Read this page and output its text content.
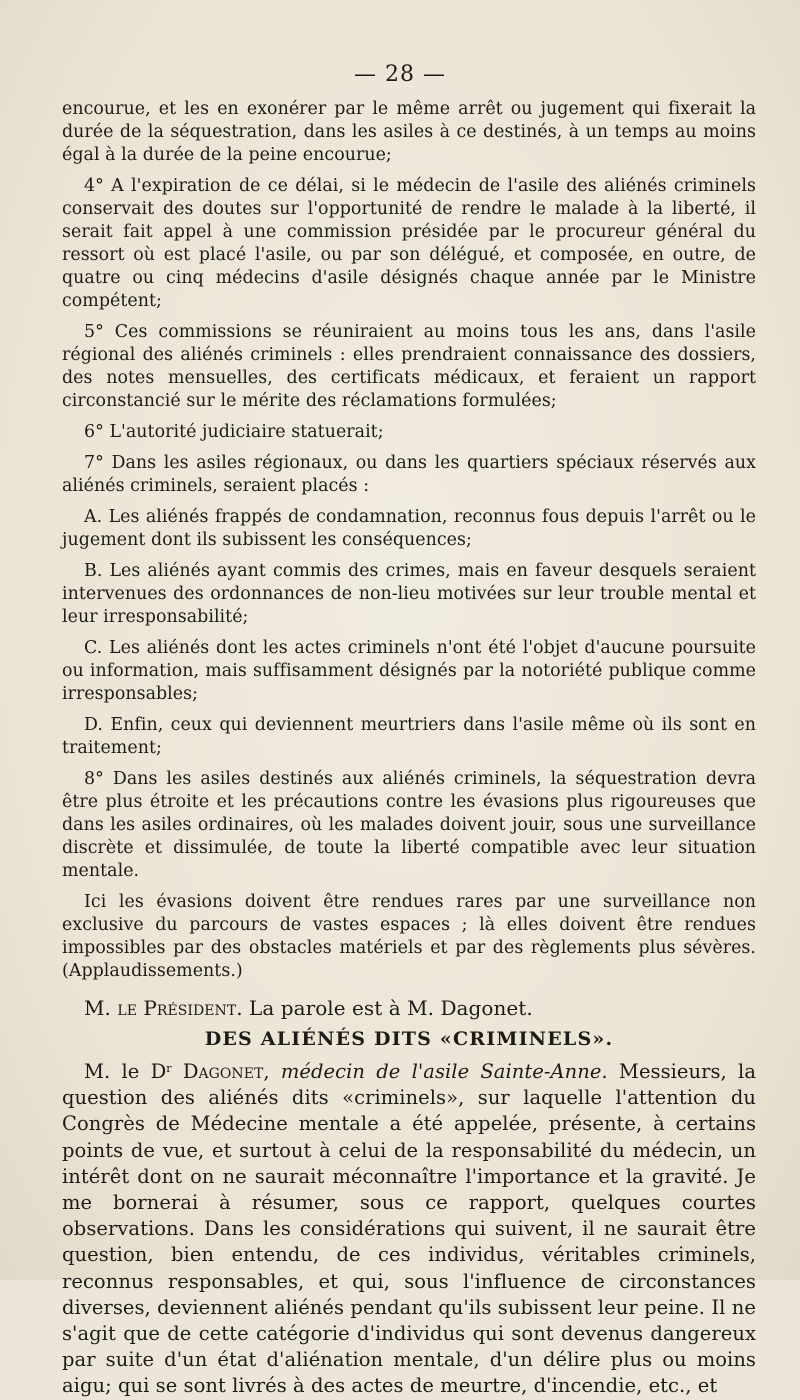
— 28 —

encourue, et les en exonérer par le même arrêt ou jugement qui fixerait la durée de la séquestration, dans les asiles à ce destinés, à un temps au moins égal à la durée de la peine encourue;

4° A l'expiration de ce délai, si le médecin de l'asile des aliénés criminels conservait des doutes sur l'opportunité de rendre le malade à la liberté, il serait fait appel à une commission présidée par le procureur général du ressort où est placé l'asile, ou par son délégué, et composée, en outre, de quatre ou cinq médecins d'asile désignés chaque année par le Ministre compétent;

5° Ces commissions se réuniraient au moins tous les ans, dans l'asile régional des aliénés criminels : elles prendraient connaissance des dossiers, des notes mensuelles, des certificats médicaux, et feraient un rapport circonstancié sur le mérite des réclamations formulées;

6° L'autorité judiciaire statuerait;

7° Dans les asiles régionaux, ou dans les quartiers spéciaux réservés aux aliénés criminels, seraient placés :

A. Les aliénés frappés de condamnation, reconnus fous depuis l'arrêt ou le jugement dont ils subissent les conséquences;

B. Les aliénés ayant commis des crimes, mais en faveur desquels seraient intervenues des ordonnances de non-lieu motivées sur leur trouble mental et leur irresponsabilité;

C. Les aliénés dont les actes criminels n'ont été l'objet d'aucune poursuite ou information, mais suffisamment désignés par la notoriété publique comme irresponsables;

D. Enfin, ceux qui deviennent meurtriers dans l'asile même où ils sont en traitement;

8° Dans les asiles destinés aux aliénés criminels, la séquestration devra être plus étroite et les précautions contre les évasions plus rigoureuses que dans les asiles ordinaires, où les malades doivent jouir, sous une surveillance discrète et dissimulée, de toute la liberté compatible avec leur situation mentale.

Ici les évasions doivent être rendues rares par une surveillance non exclusive du parcours de vastes espaces ; là elles doivent être rendues impossibles par des obstacles matériels et par des règlements plus sévères. (Applaudissements.)

M. le Président. La parole est à M. Dagonet.

DES ALIÉNÉS DITS «CRIMINELS».

M. le $D^r$ Dagonet, médecin de l'asile Sainte-Anne. Messieurs, la question des aliénés dits «criminels», sur laquelle l'attention du Congrès de Médecine mentale a été appelée, présente, à certains points de vue, et surtout à celui de la responsabilité du médecin, un intérêt dont on ne saurait méconnaître l'importance et la gravité. Je me bornerai à résumer, sous ce rapport, quelques courtes observations. Dans les considérations qui suivent, il ne saurait être question, bien entendu, de ces individus, véritables criminels, reconnus responsables, et qui, sous l'influence de circonstances diverses, deviennent aliénés pendant qu'ils subissent leur peine. Il ne s'agit que de cette catégorie d'individus qui sont devenus dangereux par suite d'un état d'aliénation mentale, d'un délire plus ou moins aigu; qui se sont livrés à des actes de meurtre, d'incendie, etc., et
